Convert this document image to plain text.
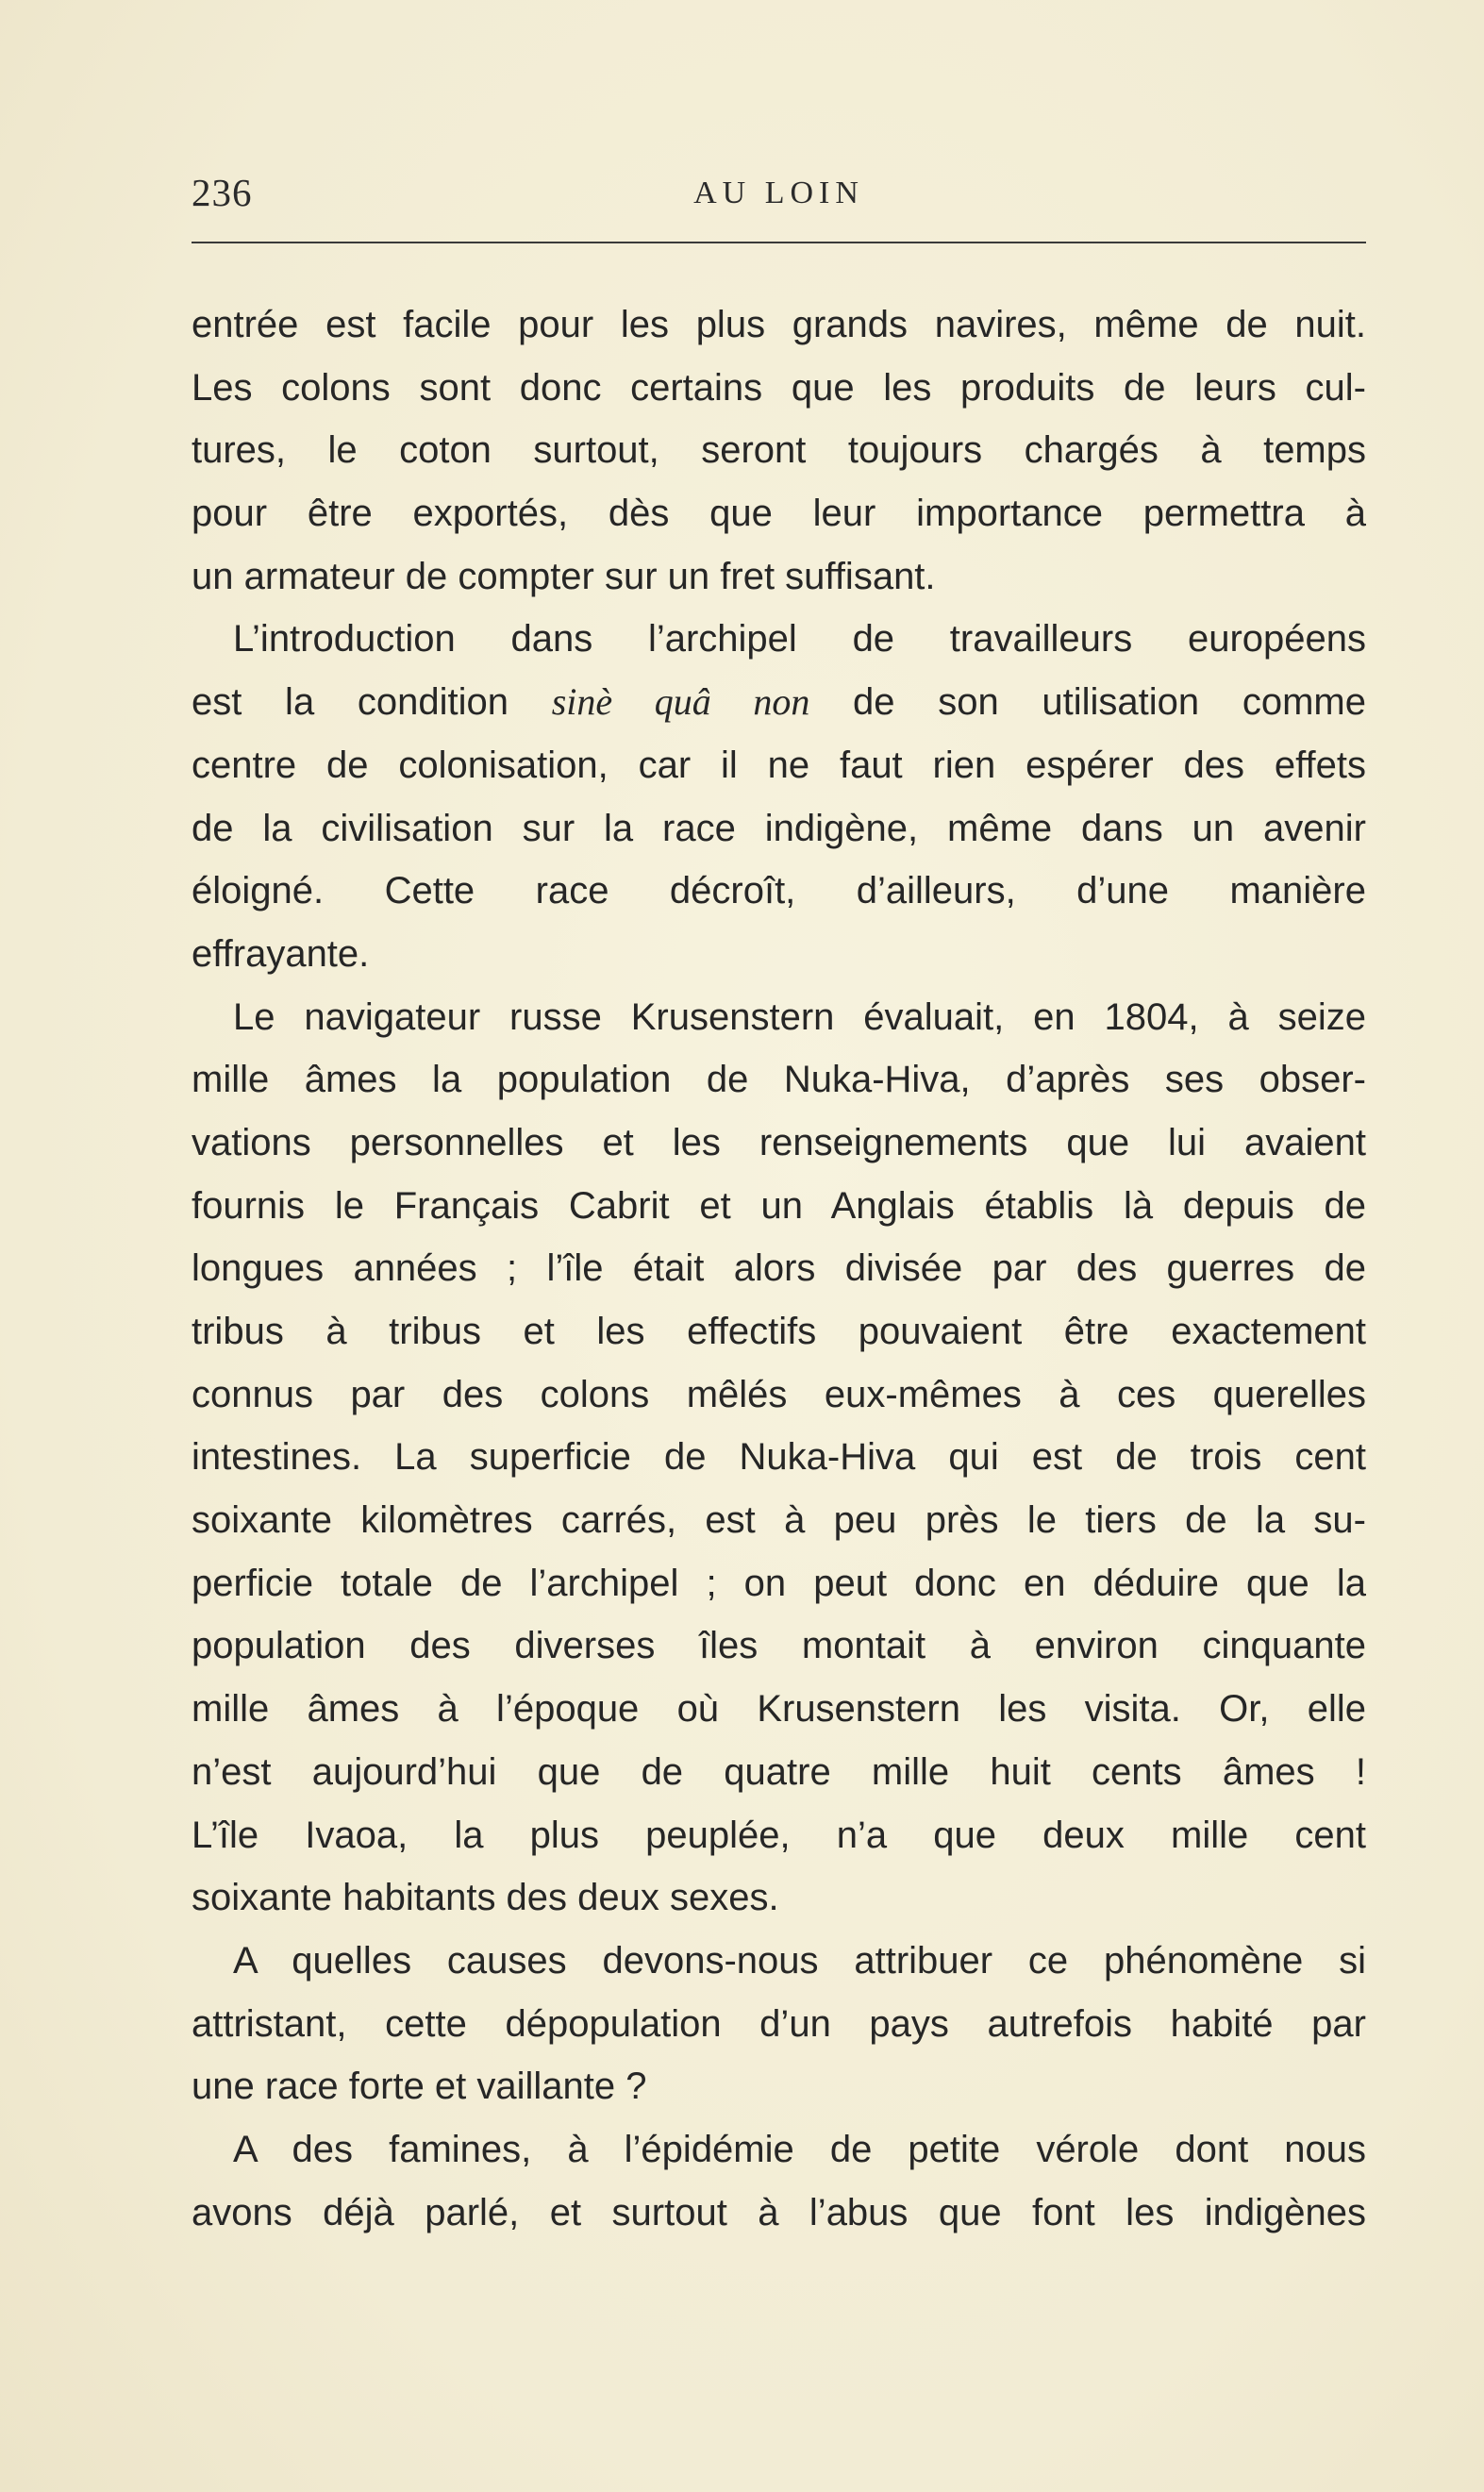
236	AU LOIN
entrée est facile pour les plus grands navires, même de nuit.
Les colons sont donc certains que les produits de leurs cul-
tures, le coton surtout, seront toujours chargés à temps
pour être exportés, dès que leur importance permettra à
un armateur de compter sur un fret suffisant.
L’introduction dans l’archipel de travailleurs européens
est la condition sinè quâ non de son utilisation comme
centre de colonisation, car il ne faut rien espérer des effets
de la civilisation sur la race indigène, même dans un avenir
éloigné. Cette race décroît, d’ailleurs, d’une manière
effrayante.
Le navigateur russe Krusenstern évaluait, en 1804, à seize
mille âmes la population de Nuka-Hiva, d’après ses obser-
vations personnelles et les renseignements que lui avaient
fournis le Français Cabrit et un Anglais établis là depuis de
longues années ; l’île était alors divisée par des guerres de
tribus à tribus et les effectifs pouvaient être exactement
connus par des colons mêlés eux-mêmes à ces querelles
intestines. La superficie de Nuka-Hiva qui est de trois cent
soixante kilomètres carrés, est à peu près le tiers de la su-
perficie totale de l’archipel ; on peut donc en déduire que la
population des diverses îles montait à environ cinquante
mille âmes à l’époque où Krusenstern les visita. Or, elle
n’est aujourd’hui que de quatre mille huit cents âmes !
L’île Ivaoa, la plus peuplée, n’a que deux mille cent
soixante habitants des deux sexes.
A quelles causes devons-nous attribuer ce phénomène si
attristant, cette dépopulation d’un pays autrefois habité par
une race forte et vaillante ?
A des famines, à l’épidémie de petite vérole dont nous
avons déjà parlé, et surtout à l’abus que font les indigènes
